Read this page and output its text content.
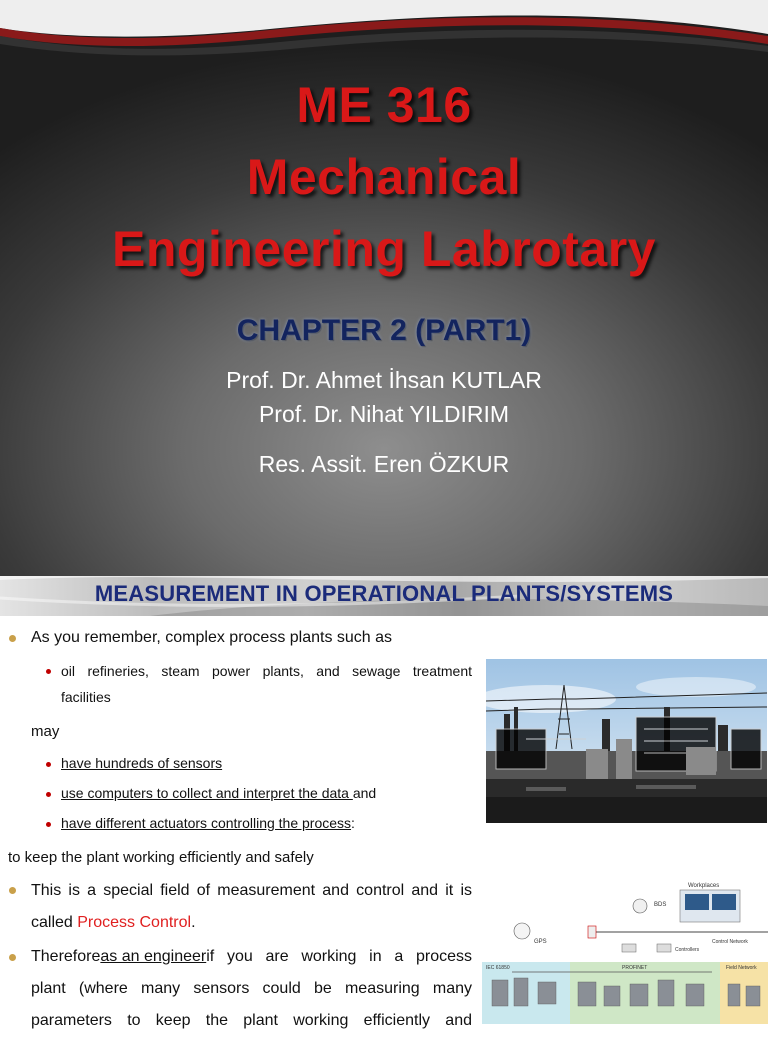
ME 316
Mechanical
Engineering Labrotary
CHAPTER 2 (PART1)
Prof. Dr. Ahmet İhsan KUTLAR
Prof. Dr. Nihat YILDIRIM
Res. Assit. Eren ÖZKUR
MEASUREMENT IN OPERATIONAL PLANTS/SYSTEMS
As you remember, complex process plants such as
oil refineries, steam power plants, and sewage treatment
facilities
may
have hundreds of sensors
use computers to collect and interpret the data and
have different actuators controlling the process:
to keep the plant working efficiently and safely
This is a special field of measurement and control and it is
called Process Control.
Therefore as an engineer if you are working in a process
plant (where many sensors could be measuring many
parameters to keep the plant working efficiently and
Workplaces
BDS
Control Network
GPS
Controllers
IEC 61850	PROFINET	Field Network
